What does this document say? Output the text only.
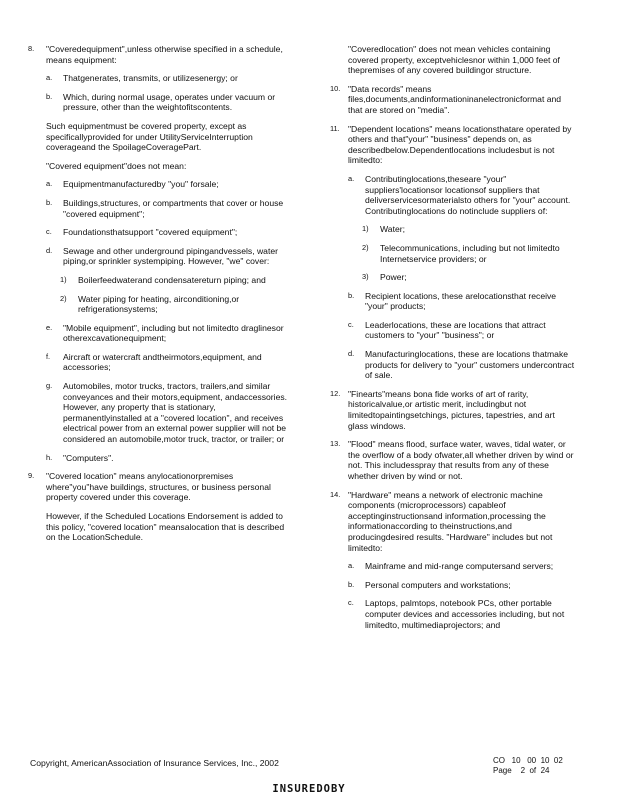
8. "Coveredequipment",unless otherwise specified in a schedule, means equipment:

a. Thatgenerates, transmits, or utilizesenergy; or
b. Which, during normal usage, operates under vacuum or pressure, other than the weightofitscontents.

Such equipmentmust be covered property, except as specificallyprovided for under UtilityServiceInterruption coverageand the SpoilageCoveragePart.

"Covered equipment"does not mean:

a. Equipmentmanufacturedby "you" forsale;
b. Buildings,structures, or compartments that cover or house "covered equipment";
c. Foundationsthatsupport "covered equipment";
d. Sewage and other underground pipingandvessels, water piping,or sprinkler systempiping. However, "we" cover:
1) Boilerfeedwaterand condensatereturn piping; and
2) Water piping for heating, airconditioning,or refrigerationsystems;
e. "Mobile equipment", including but not limitedto draglinesor otherexcavationequipment;
f. Aircraft or watercraft andtheirmotors,equipment, and accessories;
g. Automobiles, motor trucks, tractors, trailers,and similar conveyances and their motors,equipment, andaccessories. However, any property that is stationary, permanentlyinstalled at a "covered location", and receives electrical power from an external power supplier will not be considered an automobile,motor truck, tractor, or trailer; or
h. "Computers".
9. "Covered location" means anylocationorpremises where"you"have buildings, structures, or business personal property covered under this coverage.

However, if the Scheduled Locations Endorsement is added to this policy, "covered location" meansalocation that is described on the LocationSchedule.

"Coveredlocation" does not mean vehicles containing covered property, exceptvehiclesnor within 1,000 feet of thepremises of any covered buildingor structure.

10. "Data records" means files,documents,andinformationinanelectronicformat and that are stored on "media".

11. "Dependent locations" means locationsthatare operated by others and that"your" "business" depends on, as describedbelow.Dependentlocations includesbut is not limitedto:

a. Contributinglocations,theseare "your" suppliers'locationsor locationsof suppliers that deliverservicesormaterialsto others for "your" account. Contributinglocations do notinclude suppliers of:
1) Water;
2) Telecommunications, including but not limitedto Internetservice providers; or
3) Power;
b. Recipient locations, these arelocationsthat receive "your" products;
c. Leaderlocations, these are locations that attract customers to "your" "business"; or
d. Manufacturinglocations, these are locations thatmake products for delivery to "your" customers undercontract of sale.
12. "Finearts"means bona fide works of art of rarity, historicalvalue,or artistic merit, includingbut not limitedtopaintingsetchings, pictures, tapestries, and art glass windows.

13. "Flood" means flood, surface water, waves, tidal water, or the overflow of a body ofwater,all whether driven by wind or not. This includesspray that results from any of these whether driven by wind or not.

14. "Hardware" means a network of electronic machine components (microprocessors) capableof acceptinginstructionsand information,processing the informationaccording to theinstructions,and producingdesired results. "Hardware" includes but not limitedto:

a. Mainframe and mid-range computersand servers;
b. Personal computers and workstations;
c. Laptops, palmtops, notebook PCs, other portable computer devices and accessories including, but not limitedto, multimediaprojectors; and
Copyright, AmericanAssociation of Insurance Services, Inc., 2002	CO   10   00  10  02
Page    2  of  24
INSUREDOBY
